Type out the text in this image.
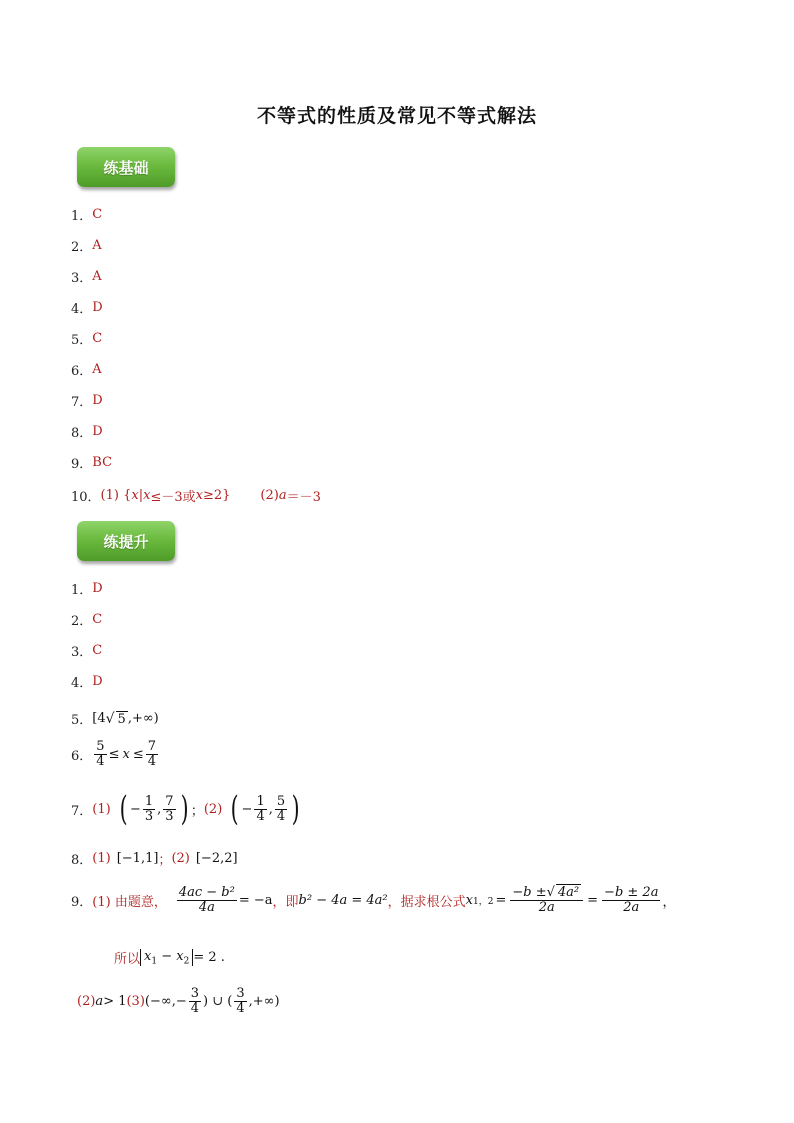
不等式的性质及常见不等式解法
练基础
1． C
2． A
3． A
4． D
5． C
6． A
7． D
8． D
9． BC
10． (1) { x | x ≤－3或 x ≥2} (2) a ＝－3
练提升
1． D
2． C
3． C
4． D
5． [4 √ 5 ,+∞)
6． $\frac{5}{4} \le x \le \frac{7}{4}$
7． (1) ( − $\frac{1}{3}$ , $\frac{7}{3}$ ) ； (2) ( − $\frac{1}{4}$ , $\frac{5}{4}$ )
8． (1) [−1,1] ； (2) [−2,2]
9． (1) 由题意， $\frac{\text{4ac − b²}}{4a} = -a$ ，即 b² − 4a = 4a² ，据求根公式 x 1，$2 = \frac{\text{−b ±√ 4a²}}{2a} = \frac{-b \pm 2a}{2a}$ ，
所以 $x_1 - x_2 = 2$ .
(2) a > 1 (3) (−∞,− $\frac{3}{4}$ ) ∪ ( $\frac{3}{4}$ ,+∞)
